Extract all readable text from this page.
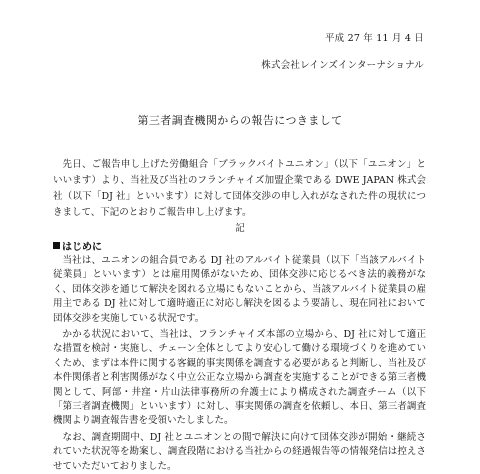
平成 27 年 11 月 4 日
株式会社レインズインターナショナル
第三者調査機関からの報告につきまして
先日、ご報告申し上げた労働組合「ブラックバイトユニオン」（以下「ユニオン」といいます）より、当社及び当社のフランチャイズ加盟企業である DWE JAPAN 株式会社（以下「DJ 社」といいます）に対して団体交渉の申し入れがなされた件の現状につきまして、下記のとおりご報告申し上げます。
記
はじめに

当社は、ユニオンの組合員である DJ 社のアルバイト従業員（以下「当該アルバイト従業員」といいます）とは雇用関係がないため、団体交渉に応じるべき法的義務がなく、団体交渉を通じて解決を図れる立場にもないことから、当該アルバイト従業員の雇用主である DJ 社に対して適時適正に対応し解決を図るよう要請し、現在同社において団体交渉を実施している状況です。

かかる状況において、当社は、フランチャイズ本部の立場から、DJ 社に対して適正な措置を検討・実施し、チェーン全体としてより安心して働ける環境づくりを進めていくため、まずは本件に関する客観的事実関係を調査する必要があると判断し、当社及び本件関係者と利害関係がなく中立公正な立場から調査を実施することができる第三者機関として、阿部・井窪・片山法律事務所の弁護士により構成された調査チーム（以下「第三者調査機関」といいます）に対し、事実関係の調査を依頼し、本日、第三者調査機関より調査報告書を受領いたしました。

なお、調査期間中、DJ 社とユニオンとの間で解決に向けて団体交渉が開始・継続されていた状況等を勘案し、調査段階における当社からの経過報告等の情報発信は控えさせていただいておりました。
